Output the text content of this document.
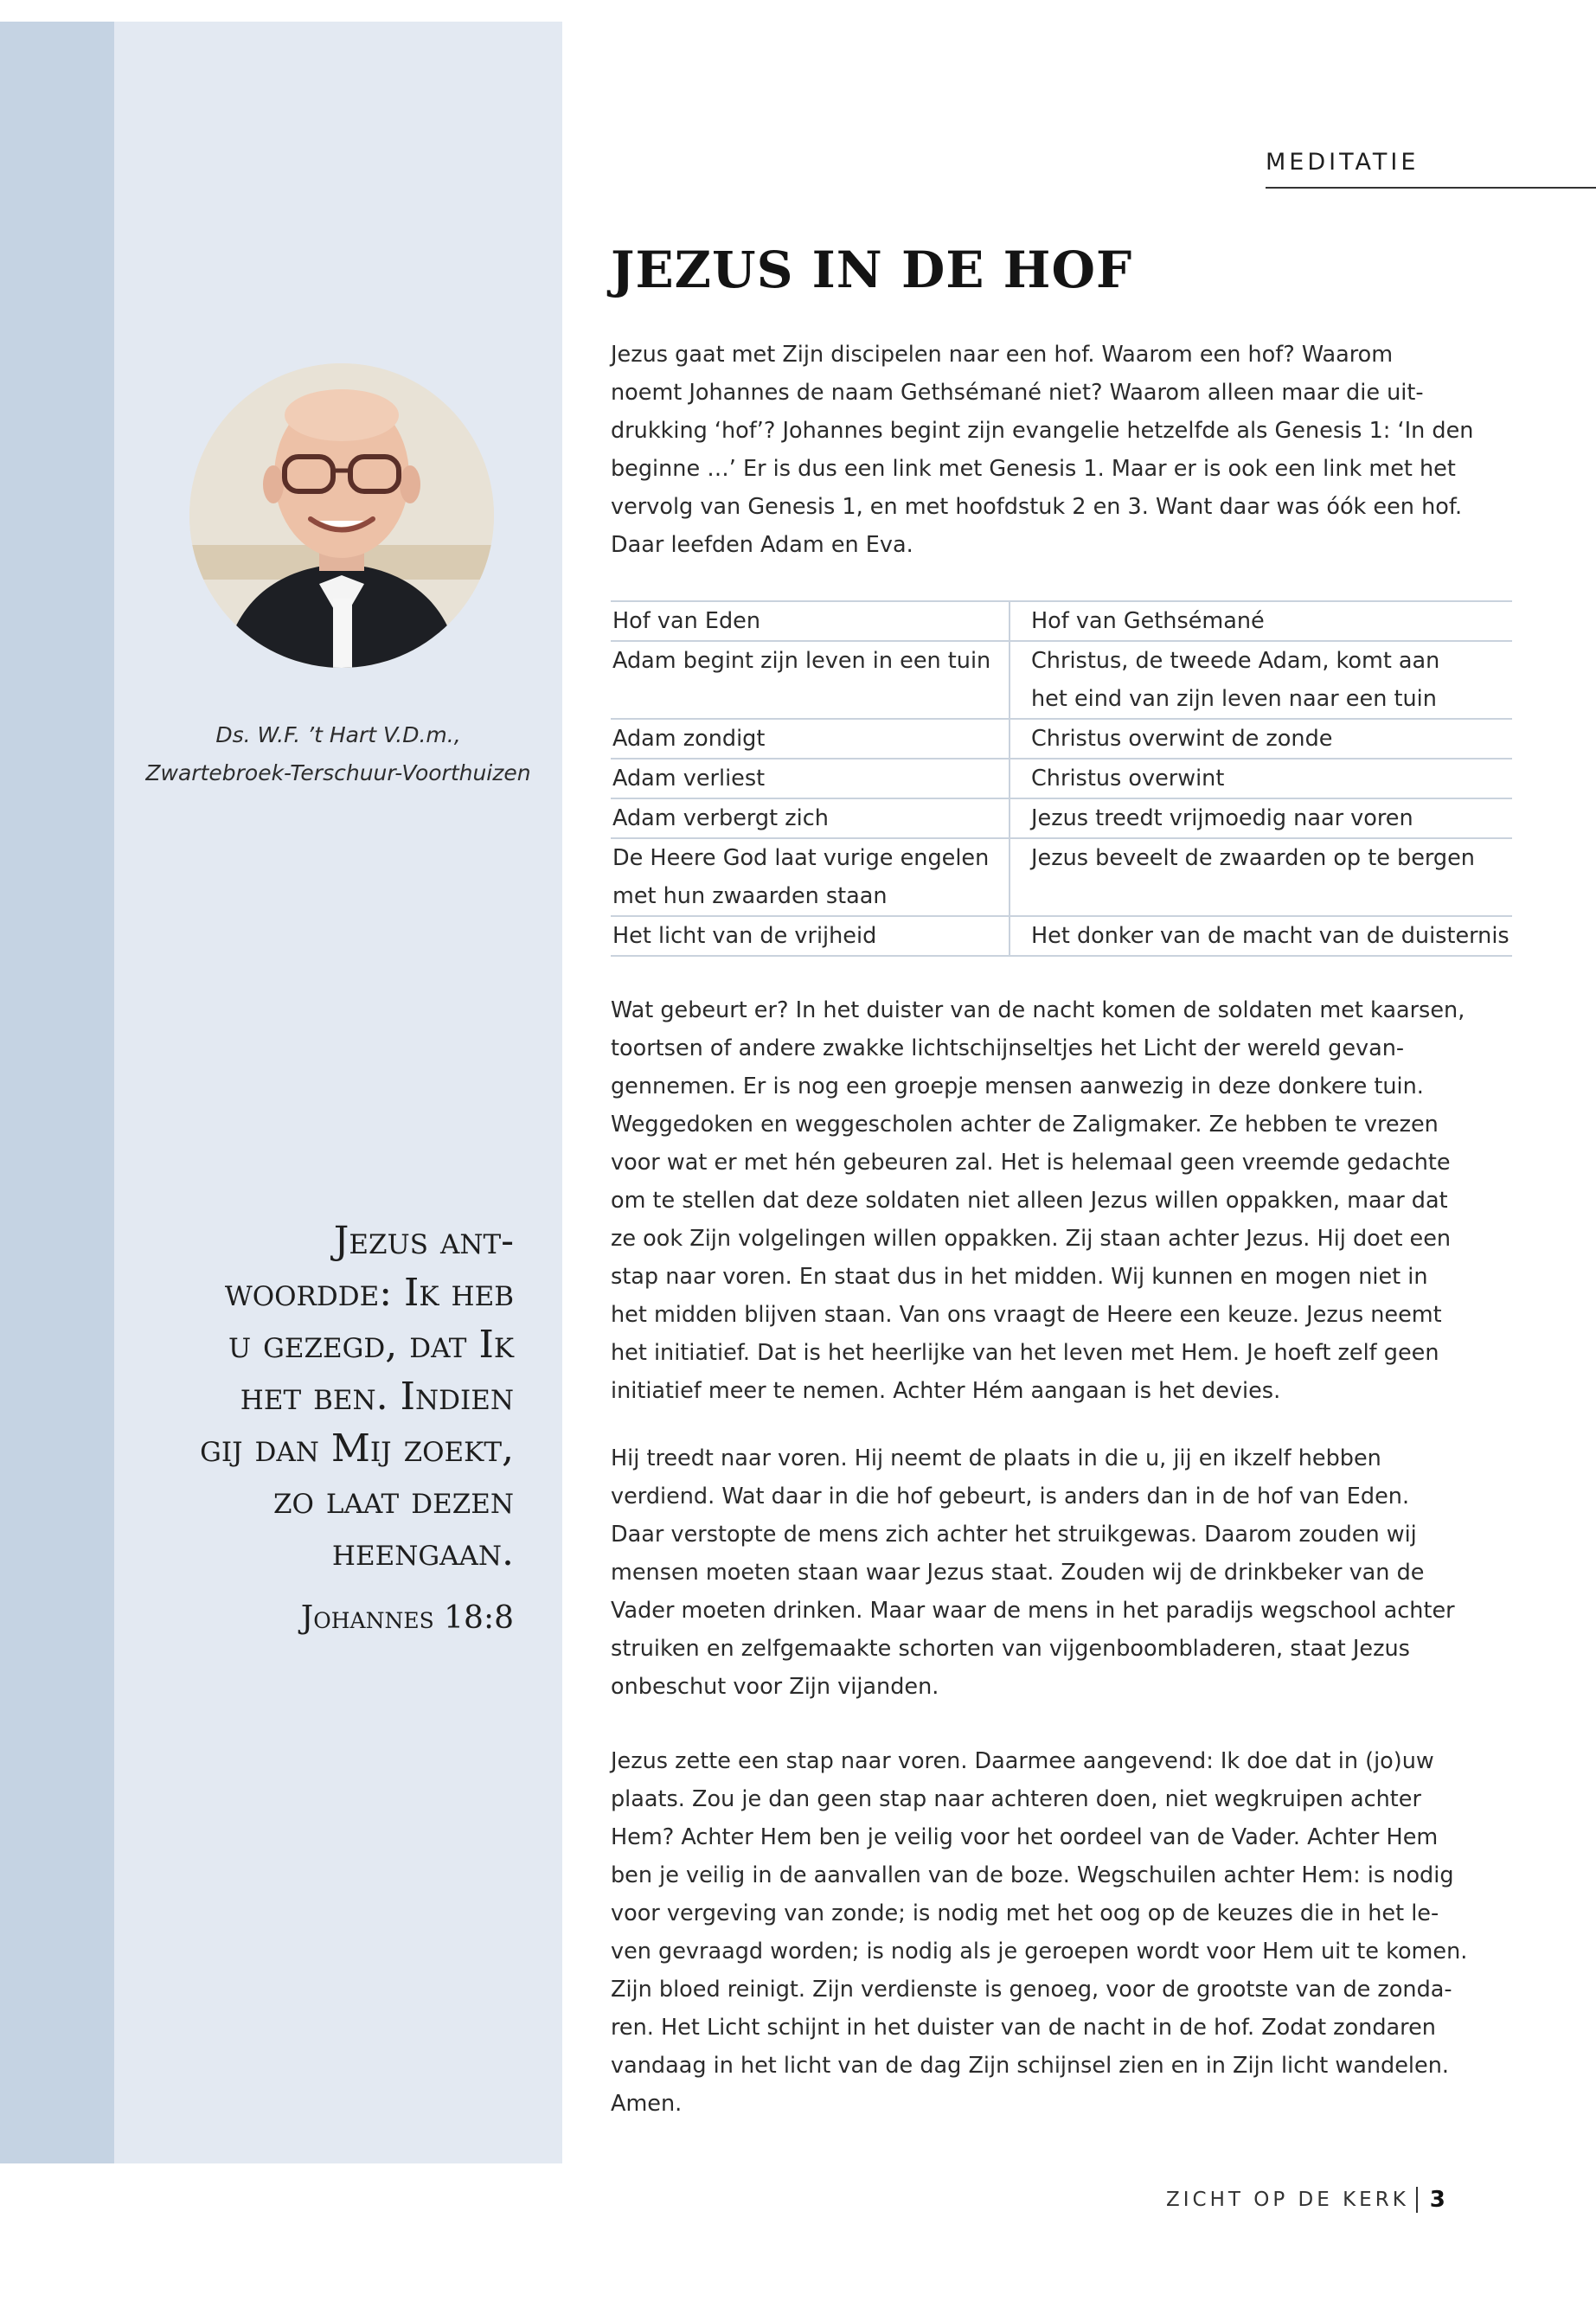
MEDITATIE
JEZUS IN DE HOF

Jezus gaat met Zijn discipelen naar een hof. Waarom een hof? Waarom
noemt Johannes de naam Gethsémané niet? Waarom alleen maar die uit-
drukking ‘hof’? Johannes begint zijn evangelie hetzelfde als Genesis 1: ‘In den
beginne …’ Er is dus een link met Genesis 1. Maar er is ook een link met het
vervolg van Genesis 1, en met hoofdstuk 2 en 3. Want daar was óók een hof.
Daar leefden Adam en Eva.

Ds. W.F. ’t Hart V.D.m.,
Zwartebroek-Terschuur-Voorthuizen
Hof van Eden	Hof van Gethsémané
Adam begint zijn leven in een tuin	Christus, de tweede Adam, komt aan
het eind van zijn leven naar een tuin
Adam zondigt	Christus overwint de zonde
Adam verliest	Christus overwint
Adam verbergt zich	Jezus treedt vrijmoedig naar voren
De Heere God laat vurige engelen
met hun zwaarden staan	Jezus beveelt de zwaarden op te bergen
Het licht van de vrijheid	Het donker van de macht van de duisternis
Jezus ant-
woordde: Ik heb
u gezegd, dat Ik
het ben. Indien
gij dan Mij zoekt,
zo laat dezen
heengaan.
Johannes 18:8

Wat gebeurt er? In het duister van de nacht komen de soldaten met kaarsen,
toortsen of andere zwakke lichtschijnseltjes het Licht der wereld gevan-
gennemen. Er is nog een groepje mensen aanwezig in deze donkere tuin.
Weggedoken en weggescholen achter de Zaligmaker. Ze hebben te vrezen
voor wat er met hén gebeuren zal. Het is helemaal geen vreemde gedachte
om te stellen dat deze soldaten niet alleen Jezus willen oppakken, maar dat
ze ook Zijn volgelingen willen oppakken. Zij staan achter Jezus. Hij doet een
stap naar voren. En staat dus in het midden. Wij kunnen en mogen niet in
het midden blijven staan. Van ons vraagt de Heere een keuze. Jezus neemt
het initiatief. Dat is het heerlijke van het leven met Hem. Je hoeft zelf geen
initiatief meer te nemen. Achter Hém aangaan is het devies.

Hij treedt naar voren. Hij neemt de plaats in die u, jij en ikzelf hebben
verdiend. Wat daar in die hof gebeurt, is anders dan in de hof van Eden.
Daar verstopte de mens zich achter het struikgewas. Daarom zouden wij
mensen moeten staan waar Jezus staat. Zouden wij de drinkbeker van de
Vader moeten drinken. Maar waar de mens in het paradijs wegschool achter
struiken en zelfgemaakte schorten van vijgenboombladeren, staat Jezus
onbeschut voor Zijn vijanden.

Jezus zette een stap naar voren. Daarmee aangevend: Ik doe dat in (jo)uw
plaats. Zou je dan geen stap naar achteren doen, niet wegkruipen achter
Hem? Achter Hem ben je veilig voor het oordeel van de Vader. Achter Hem
ben je veilig in de aanvallen van de boze. Wegschuilen achter Hem: is nodig
voor vergeving van zonde; is nodig met het oog op de keuzes die in het le-
ven gevraagd worden; is nodig als je geroepen wordt voor Hem uit te komen.
Zijn bloed reinigt. Zijn verdienste is genoeg, voor de grootste van de zonda-
ren. Het Licht schijnt in het duister van de nacht in de hof. Zodat zondaren
vandaag in het licht van de dag Zijn schijnsel zien en in Zijn licht wandelen.
Amen.

ZICHT OP DE KERK 3
